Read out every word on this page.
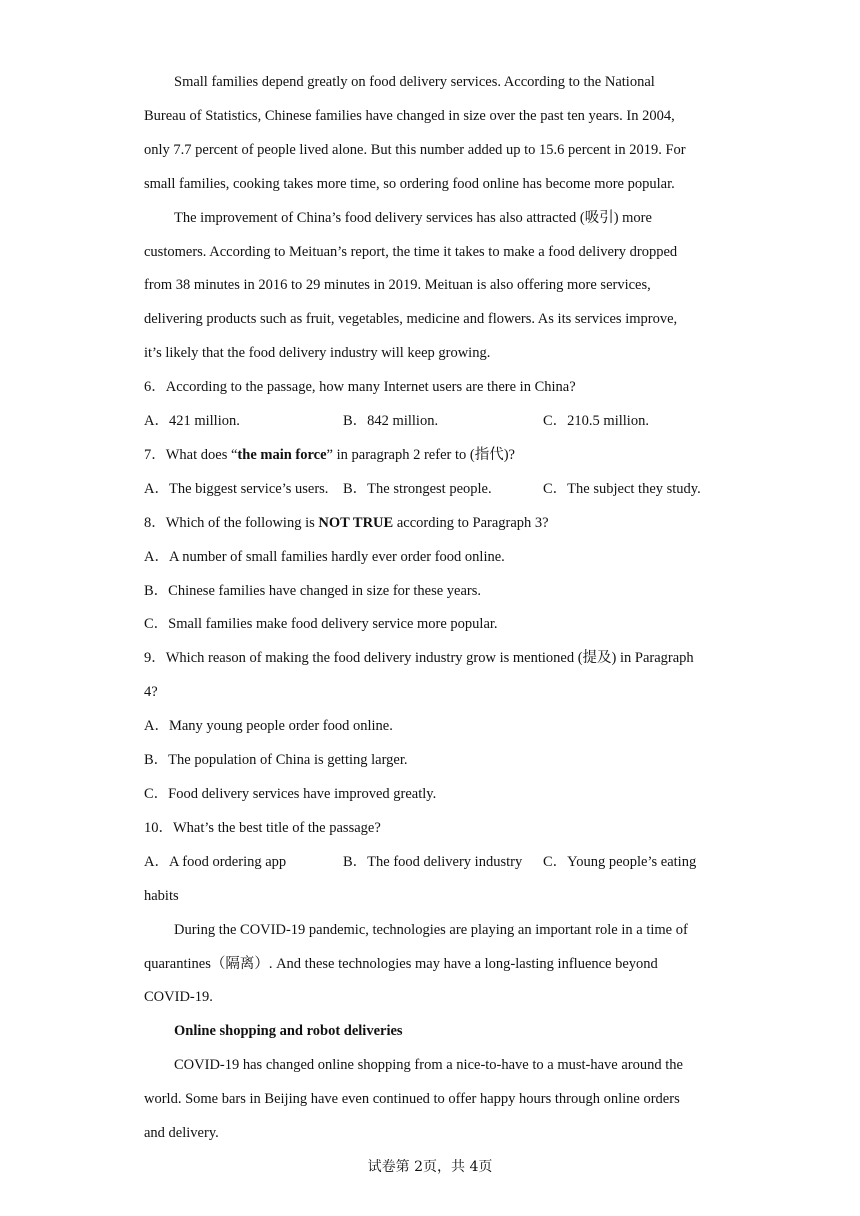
Small families depend greatly on food delivery services. According to the National

Bureau of Statistics, Chinese families have changed in size over the past ten years. In 2004,

only 7.7 percent of people lived alone. But this number added up to 15.6 percent in 2019. For

small families, cooking takes more time, so ordering food online has become more popular.

The improvement of China’s food delivery services has also attracted (吸引) more

customers. According to Meituan’s report, the time it takes to make a food delivery dropped

from 38 minutes in 2016 to 29 minutes in 2019. Meituan is also offering more services,

delivering products such as fruit, vegetables, medicine and flowers. As its services improve,

it’s likely that the food delivery industry will keep growing.

6．According to the passage, how many Internet users are there in China?

A．421 million.	B．842 million.	C．210.5 million.

7．What does “the main force” in paragraph 2 refer to (指代)?

A．The biggest service’s users. B．The strongest people.	C．The subject they study.

8．Which of the following is NOT TRUE according to Paragraph 3?

A．A number of small families hardly ever order food online.

B．Chinese families have changed in size for these years.

C．Small families make food delivery service more popular.

9．Which reason of making the food delivery industry grow is mentioned (提及) in Paragraph

4?

A．Many young people order food online.

B．The population of China is getting larger.

C．Food delivery services have improved greatly.

10．What’s the best title of the passage?

A．A food ordering app	B．The food delivery industry C．Young people’s eating

habits

During the COVID-19 pandemic, technologies are playing an important role in a time of

quarantines（隔离）. And these technologies may have a long-lasting influence beyond

COVID-19.

Online shopping and robot deliveries

COVID-19 has changed online shopping from a nice-to-have to a must-have around the

world. Some bars in Beijing have even continued to offer happy hours through online orders

and delivery.

试卷第 2页，共 4页
